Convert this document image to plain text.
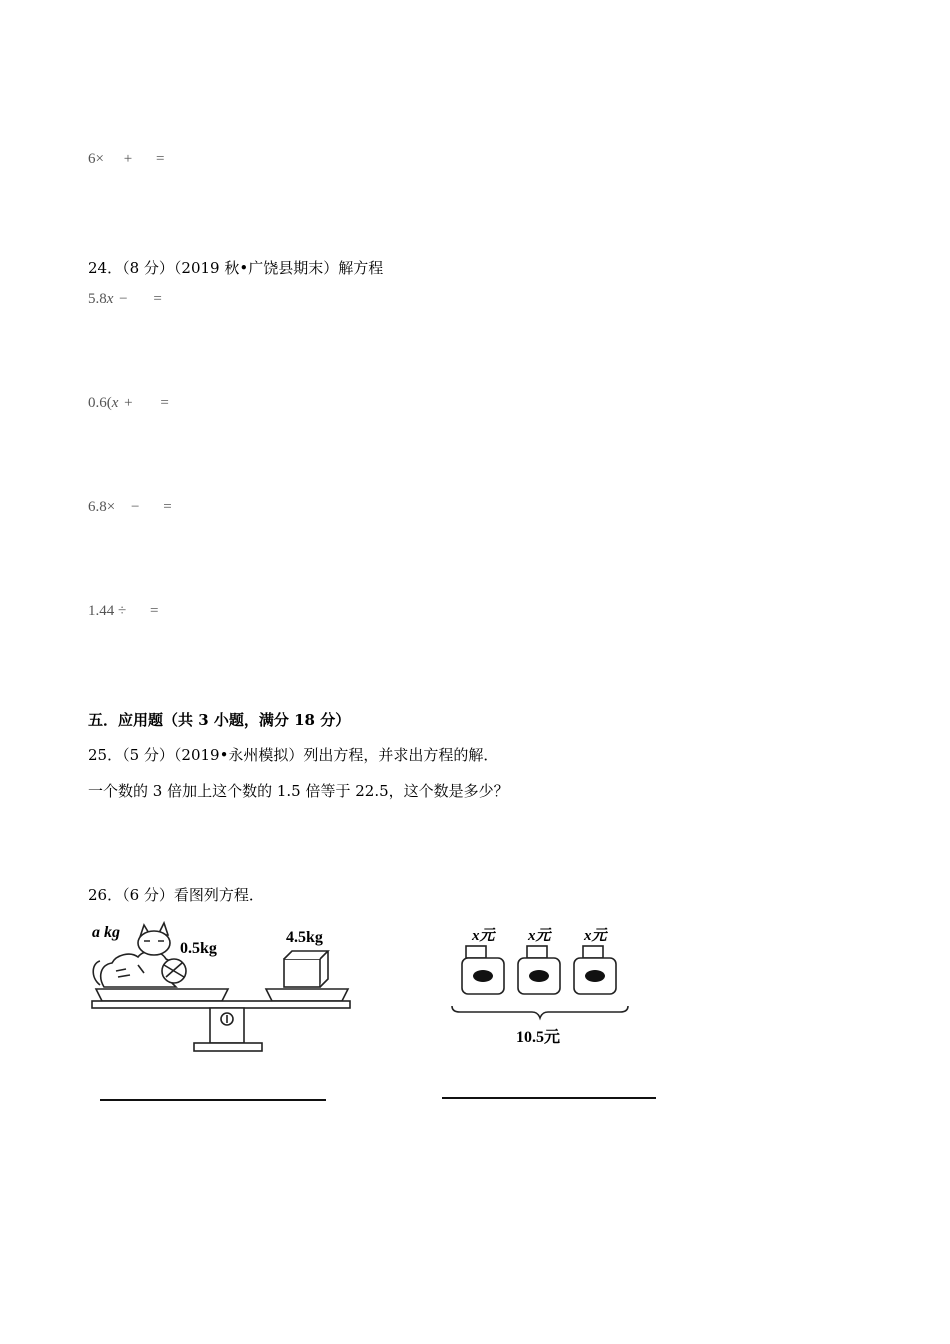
6× + =
24．（8 分）（2019 秋•广饶县期末）解方程
5.8x − =
0.6(x + =
6.8× − =
1.44 ÷ =
五．应用题（共 3 小题，满分 18 分）
25．（5 分）（2019•永州模拟）列出方程，并求出方程的解．
一个数的 3 倍加上这个数的 1.5 倍等于 22.5，这个数是多少？
26．（6 分）看图列方程．
a kg
0.5kg
4.5kg	x元 x元 x元
10.5元
